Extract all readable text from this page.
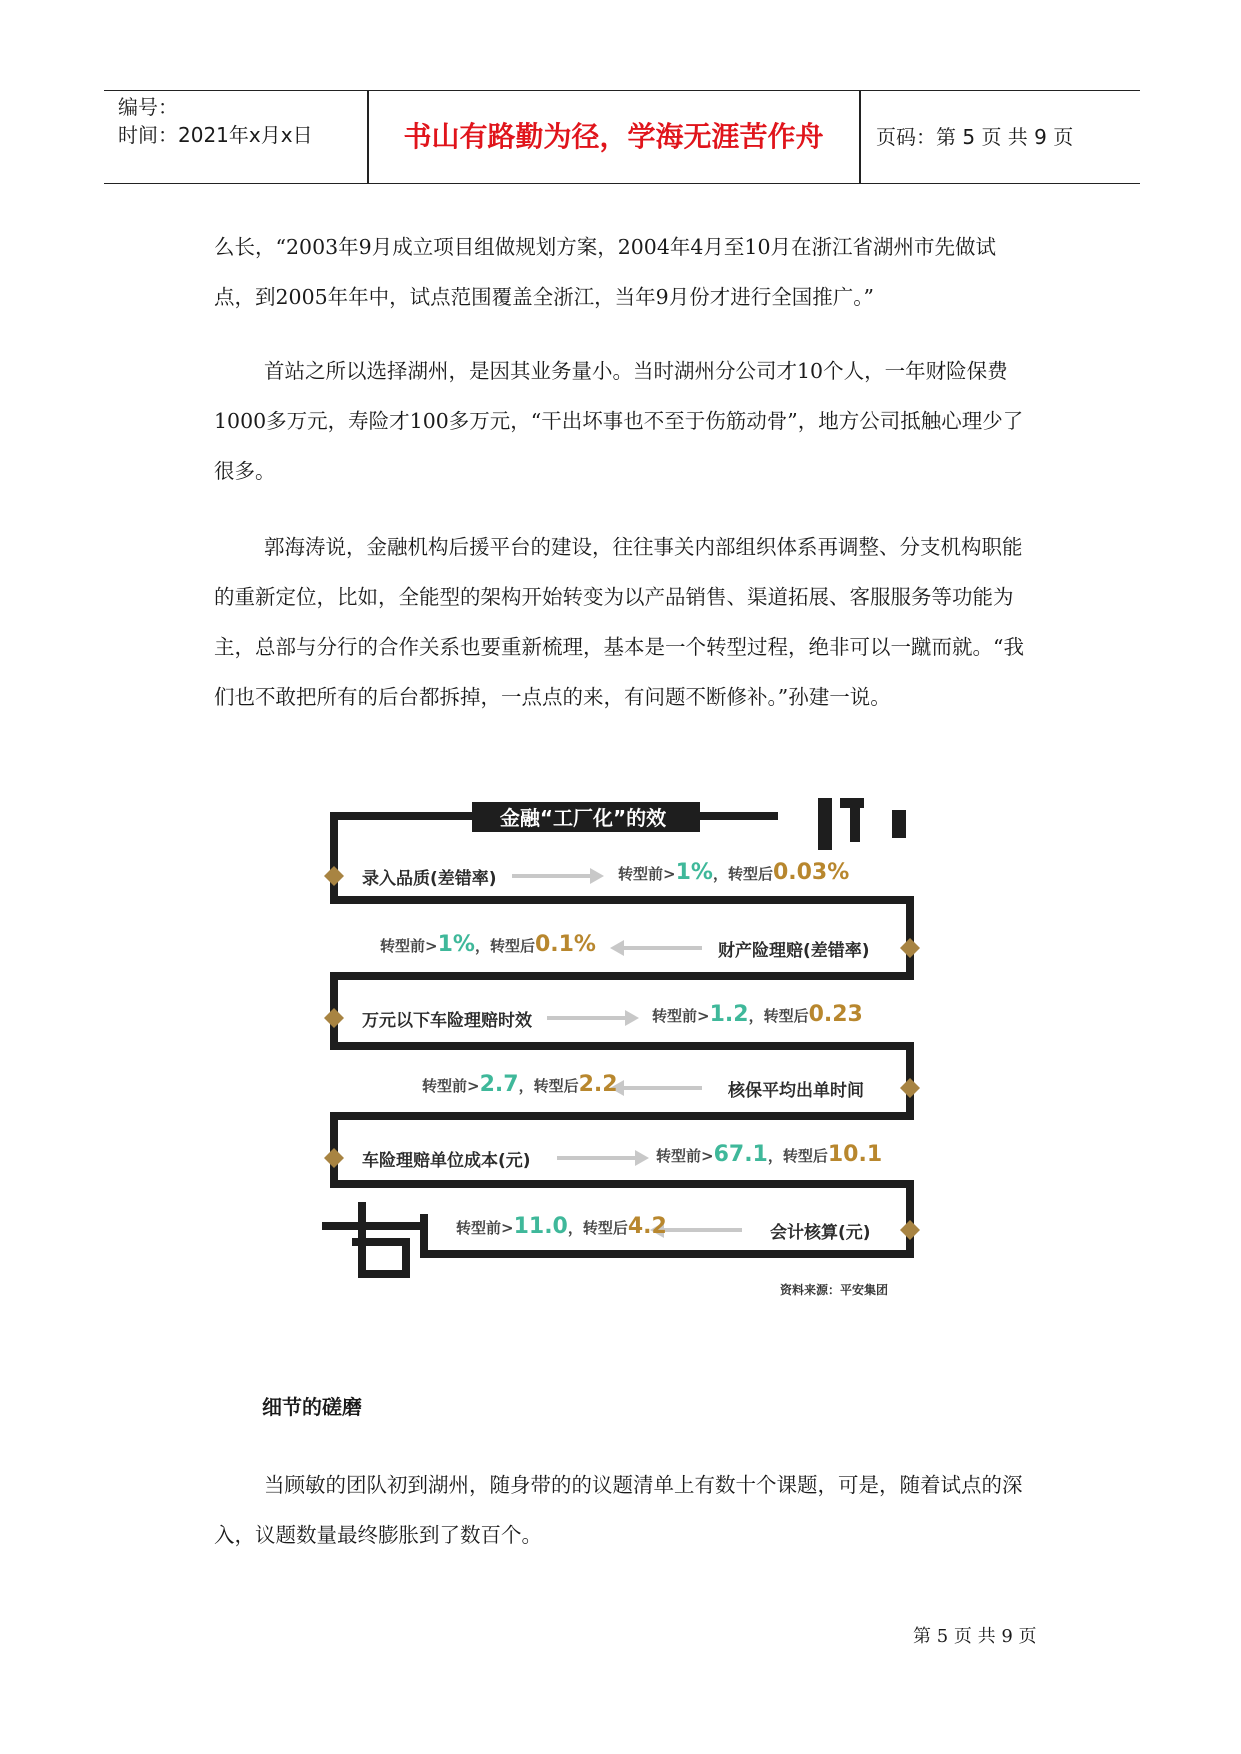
编号：
时间：2021年x月x日	书山有路勤为径，学海无涯苦作舟	页码：第 5 页 共 9 页

么长，“2003年9月成立项目组做规划方案，2004年4月至10月在浙江省湖州市先做试点，到2005年年中，试点范围覆盖全浙江，当年9月份才进行全国推广。”

首站之所以选择湖州，是因其业务量小。当时湖州分公司才10个人，一年财险保费1000多万元，寿险才100多万元，“干出坏事也不至于伤筋动骨”，地方公司抵触心理少了很多。

郭海涛说，金融机构后援平台的建设，往往事关内部组织体系再调整、分支机构职能的重新定位，比如，全能型的架构开始转变为以产品销售、渠道拓展、客服服务等功能为主，总部与分行的合作关系也要重新梳理，基本是一个转型过程，绝非可以一蹴而就。“我们也不敢把所有的后台都拆掉，一点点的来，有问题不断修补。”孙建一说。

金融“工厂化”的效益提高
录入品质(差错率)	转型前>1%，转型后0.03%
转型前>1%，转型后0.1%	财产险理赔(差错率)
万元以下车险理赔时效	转型前>1.2，转型后0.23
转型前>2.7，转型后2.2	核保平均出单时间
车险理赔单位成本(元)	转型前>67.1，转型后10.1
转型前>11.0，转型后4.2	会计核算(元)
资料来源：平安集团
细节的磋磨

当顾敏的团队初到湖州，随身带的的议题清单上有数十个课题，可是，随着试点的深入，议题数量最终膨胀到了数百个。

第 5 页 共 9 页
